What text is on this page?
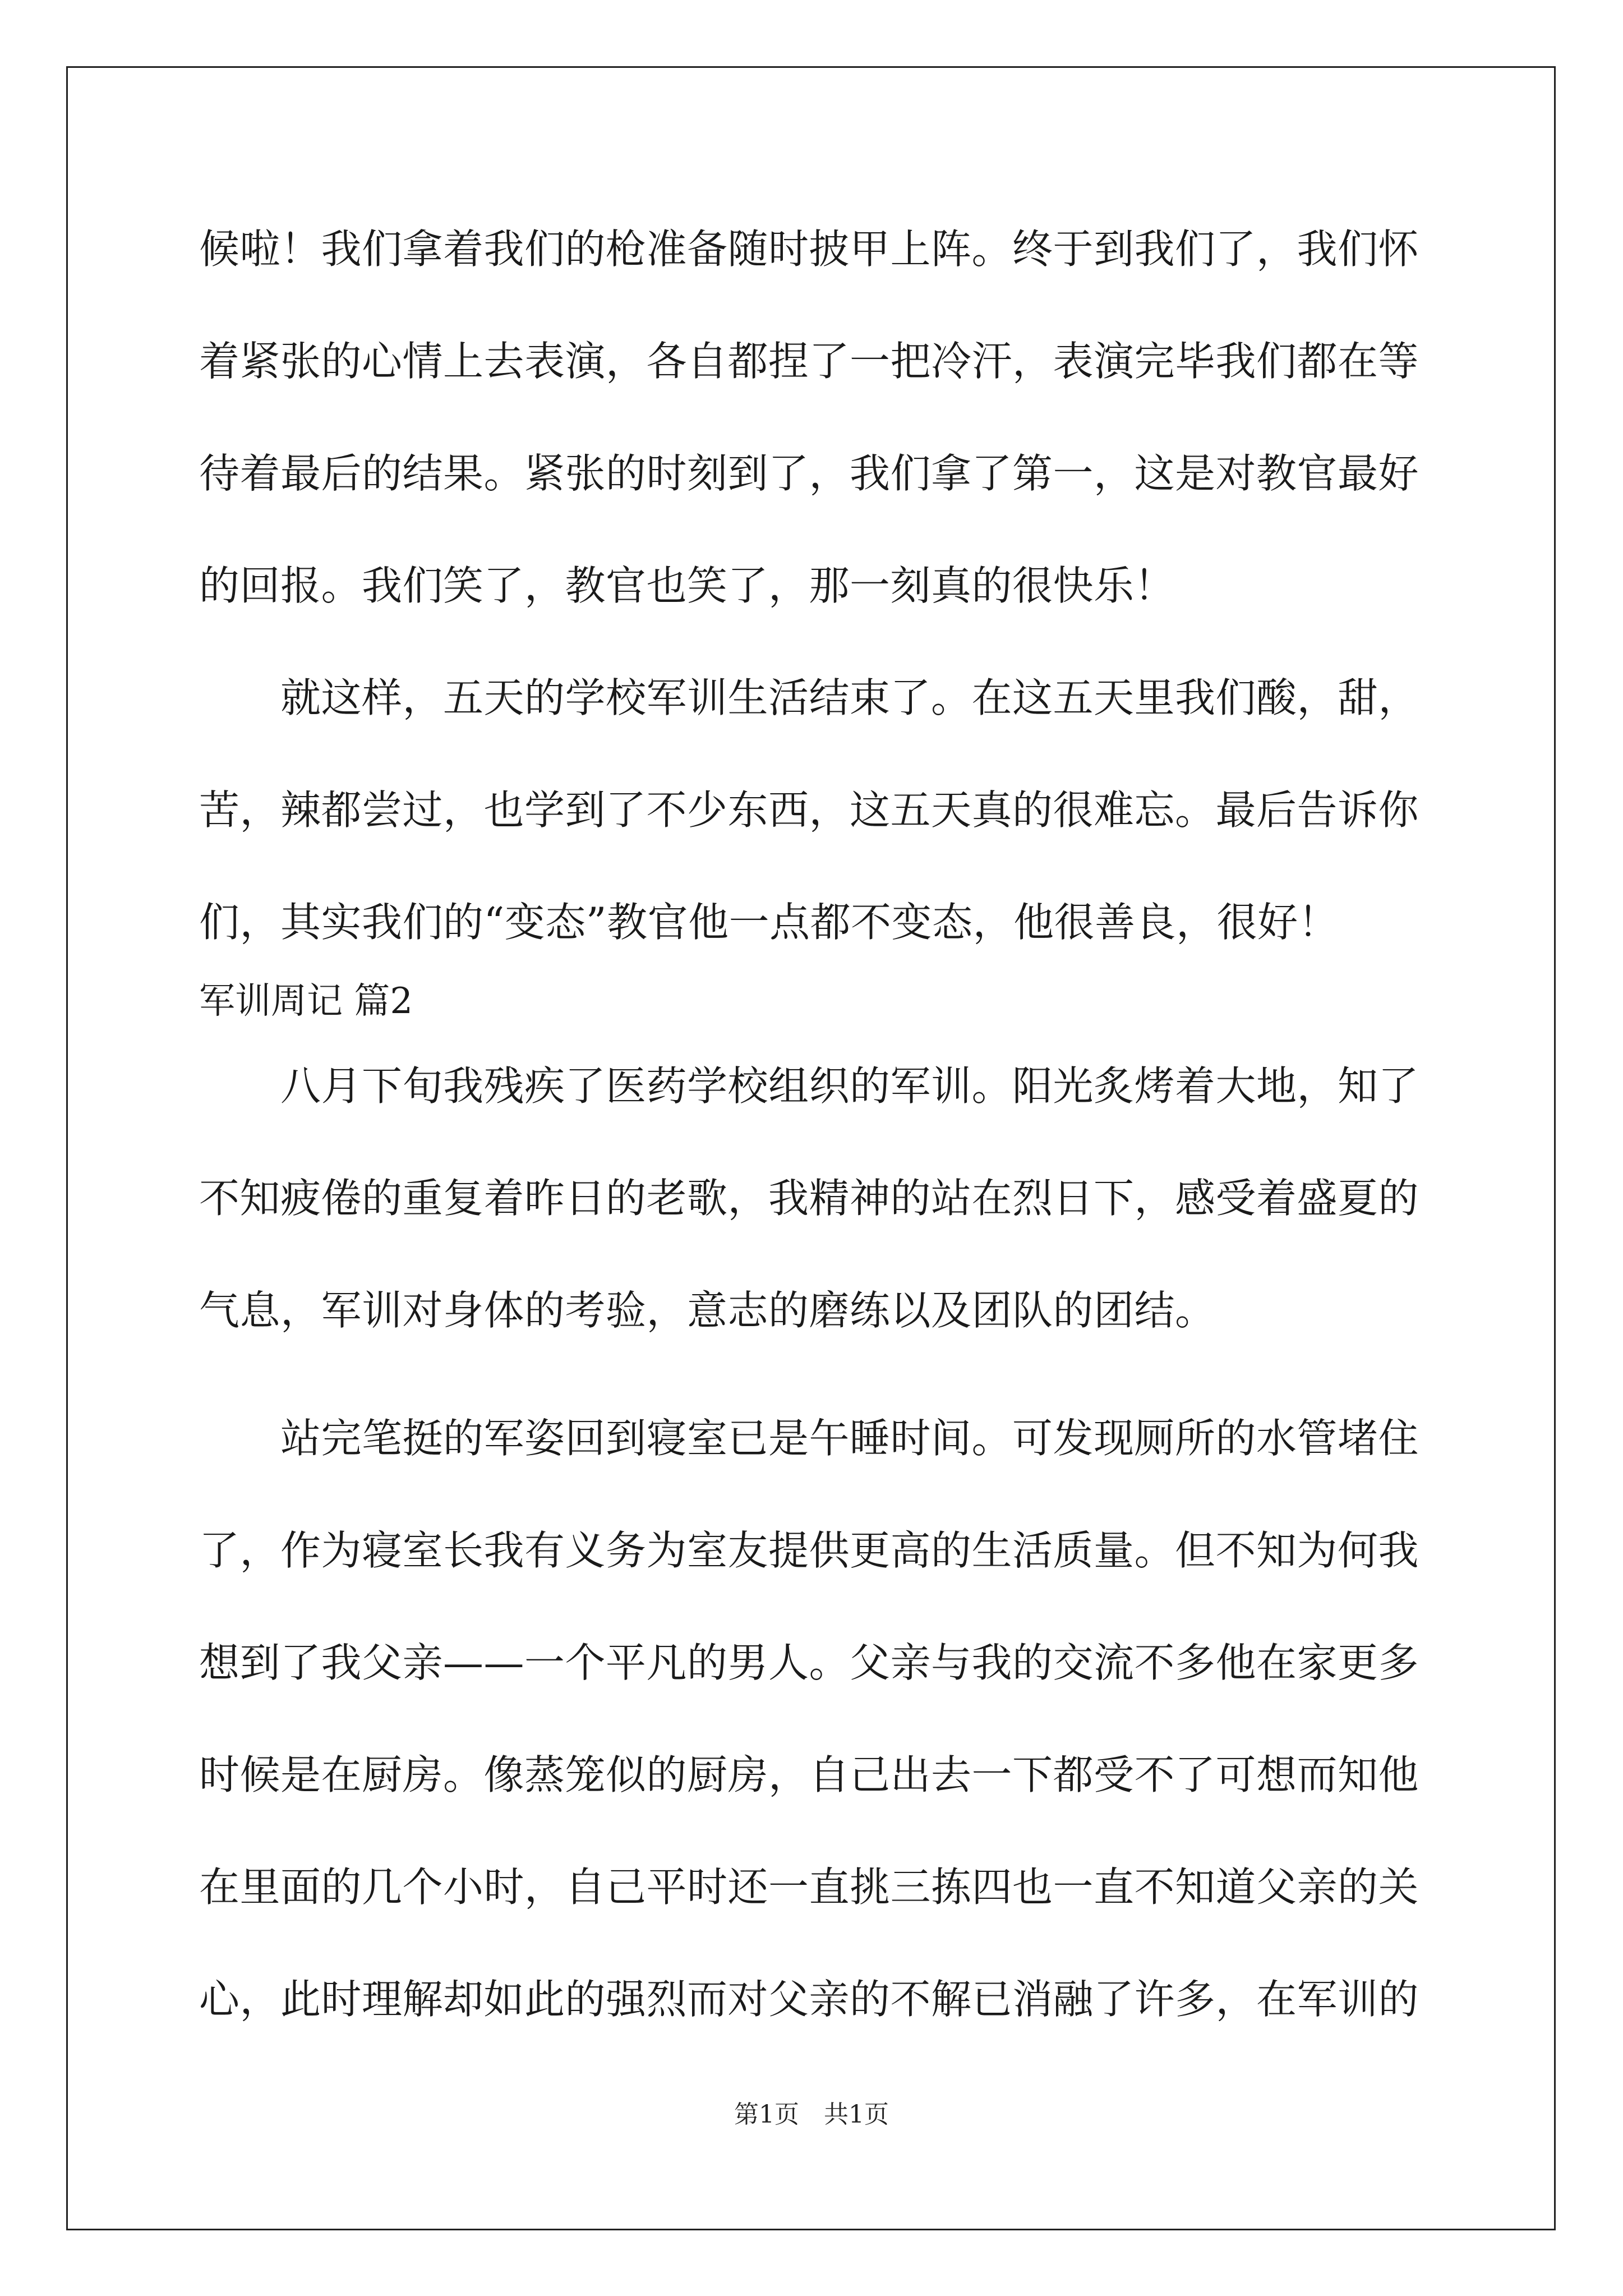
候啦！我们拿着我们的枪准备随时披甲上阵。终于到我们了，我们怀
着紧张的心情上去表演，各自都捏了一把冷汗，表演完毕我们都在等
待着最后的结果。紧张的时刻到了，我们拿了第一，这是对教官最好
的回报。我们笑了，教官也笑了，那一刻真的很快乐！
　　就这样，五天的学校军训生活结束了。在这五天里我们酸，甜，
苦，辣都尝过，也学到了不少东西，这五天真的很难忘。最后告诉你
们，其实我们的“变态”教官他一点都不变态，他很善良，很好！
军训周记 篇2
　　八月下旬我残疾了医药学校组织的军训。阳光炙烤着大地，知了
不知疲倦的重复着昨日的老歌，我精神的站在烈日下，感受着盛夏的
气息，军训对身体的考验，意志的磨练以及团队的团结。
　　站完笔挺的军姿回到寝室已是午睡时间。可发现厕所的水管堵住
了，作为寝室长我有义务为室友提供更高的生活质量。但不知为何我
想到了我父亲——一个平凡的男人。父亲与我的交流不多他在家更多
时候是在厨房。像蒸笼似的厨房，自己出去一下都受不了可想而知他
在里面的几个小时，自己平时还一直挑三拣四也一直不知道父亲的关
心，此时理解却如此的强烈而对父亲的不解已消融了许多，在军训的
第1页　共1页
